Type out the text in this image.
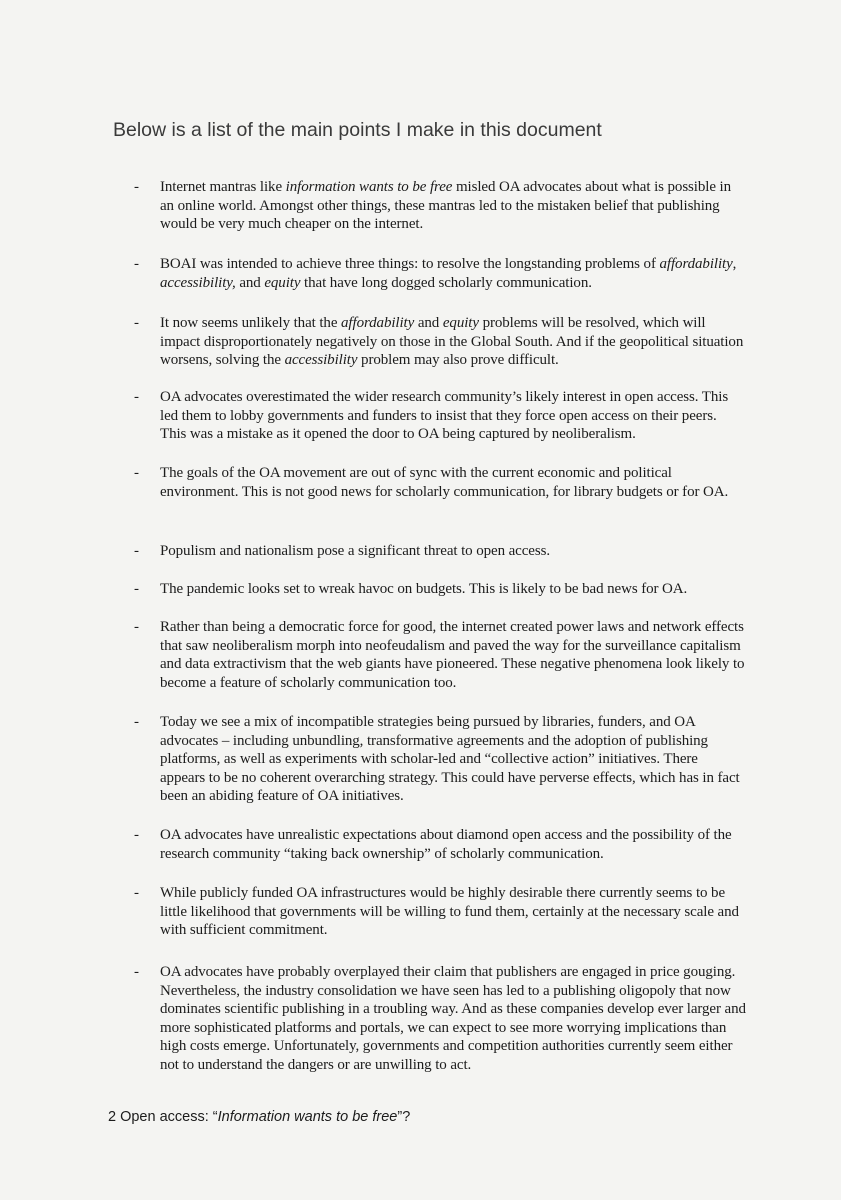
Below is a list of the main points I make in this document
- Internet mantras like information wants to be free misled OA advocates about what is possible in an online world. Amongst other things, these mantras led to the mistaken belief that publishing would be very much cheaper on the internet.
- BOAI was intended to achieve three things: to resolve the longstanding problems of affordability, accessibility, and equity that have long dogged scholarly communication.
- It now seems unlikely that the affordability and equity problems will be resolved, which will impact disproportionately negatively on those in the Global South. And if the geopolitical situation worsens, solving the accessibility problem may also prove difficult.
- OA advocates overestimated the wider research community’s likely interest in open access. This led them to lobby governments and funders to insist that they force open access on their peers. This was a mistake as it opened the door to OA being captured by neoliberalism.
- The goals of the OA movement are out of sync with the current economic and political environment. This is not good news for scholarly communication, for library budgets or for OA.
- Populism and nationalism pose a significant threat to open access.
- The pandemic looks set to wreak havoc on budgets. This is likely to be bad news for OA.
- Rather than being a democratic force for good, the internet created power laws and network effects that saw neoliberalism morph into neofeudalism and paved the way for the surveillance capitalism and data extractivism that the web giants have pioneered. These negative phenomena look likely to become a feature of scholarly communication too.
- Today we see a mix of incompatible strategies being pursued by libraries, funders, and OA advocates – including unbundling, transformative agreements and the adoption of publishing platforms, as well as experiments with scholar-led and “collective action” initiatives. There appears to be no coherent overarching strategy. This could have perverse effects, which has in fact been an abiding feature of OA initiatives.
- OA advocates have unrealistic expectations about diamond open access and the possibility of the research community “taking back ownership” of scholarly communication.
- While publicly funded OA infrastructures would be highly desirable there currently seems to be little likelihood that governments will be willing to fund them, certainly at the necessary scale and with sufficient commitment.
- OA advocates have probably overplayed their claim that publishers are engaged in price gouging. Nevertheless, the industry consolidation we have seen has led to a publishing oligopoly that now dominates scientific publishing in a troubling way. And as these companies develop ever larger and more sophisticated platforms and portals, we can expect to see more worrying implications than high costs emerge. Unfortunately, governments and competition authorities currently seem either not to understand the dangers or are unwilling to act.
2 Open access: “Information wants to be free”?
